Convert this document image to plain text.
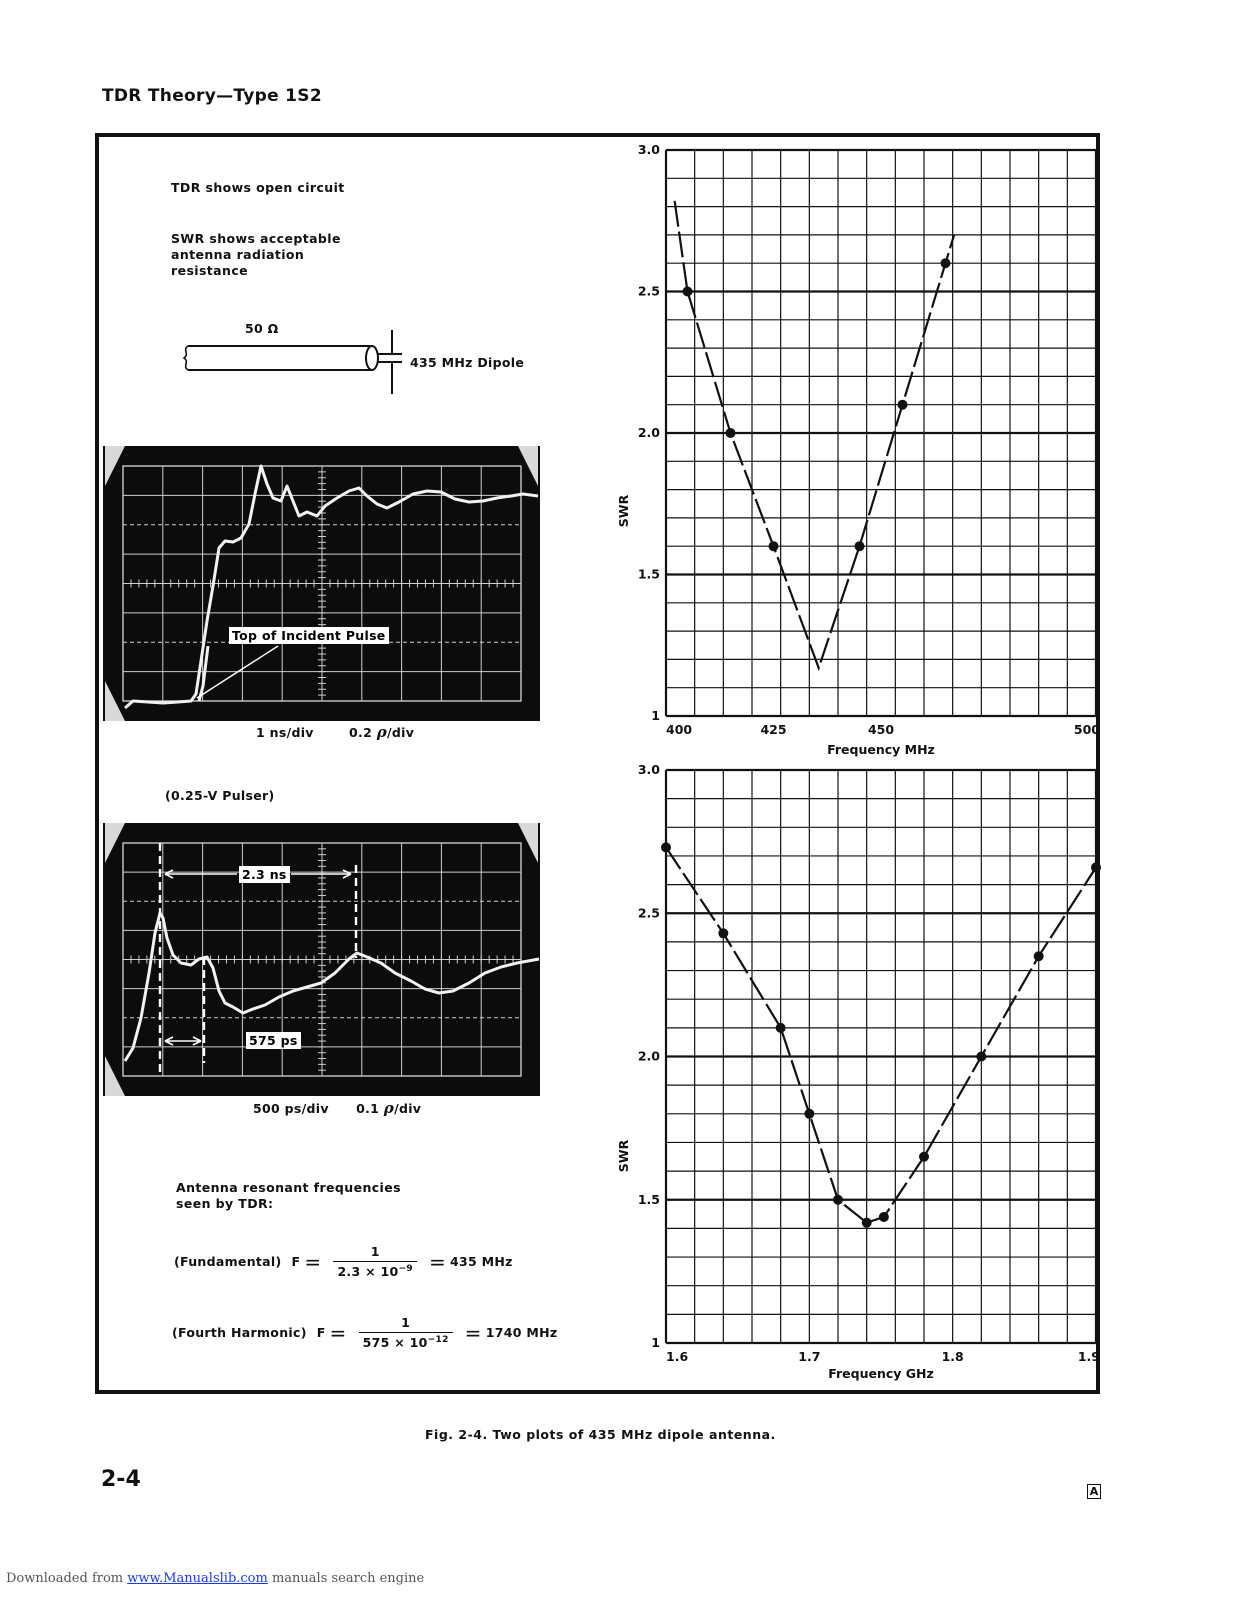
TDR Theory—Type 1S2
TDR shows open circuit
SWR shows acceptable
antenna radiation
resistance
50 Ω
435 MHz Dipole
Top of Incident Pulse
1 ns/div	0.2 ρ/div
(0.25-V Pulser)
2.3 ns
575 ps
500 ps/div 0.1 ρ/div
Antenna resonant frequencies
seen by TDR:
(Fundamental) $F = \frac{1}{2.3 \times 10^{-9}} = 435$ MHz
(Fourth Harmonic) $F = \frac{1}{575 \times 10^{-12}} = 1740$ MHz
1
1.5
2.0
2.5
3.0
400	425	450	500
Frequency MHz
SWR
1
1.5
2.0
2.5
3.0
1.6	1.7	1.8	1.9
Frequency GHz
SWR
Fig. 2-4. Two plots of 435 MHz dipole antenna.
2-4	A
Downloaded from www.Manualslib.com manuals search engine
